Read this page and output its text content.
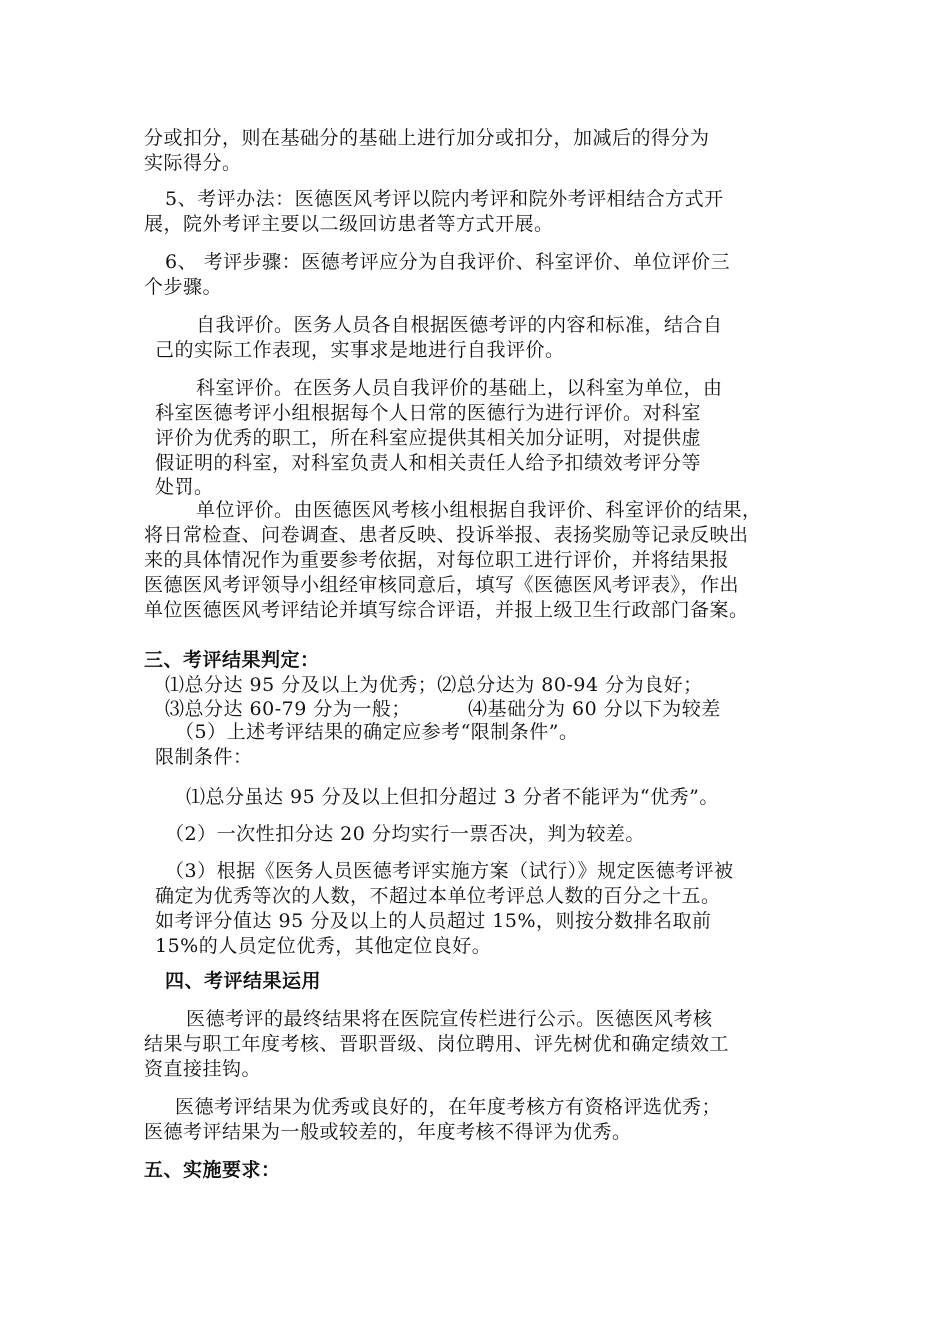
分或扣分，则在基础分的基础上进行加分或扣分，加减后的得分为
实际得分。
5、考评办法：医德医风考评以院内考评和院外考评相结合方式开
展，院外考评主要以二级回访患者等方式开展。
6、 考评步骤：医德考评应分为自我评价、科室评价、单位评价三
个步骤。
自我评价。医务人员各自根据医德考评的内容和标准，结合自
己的实际工作表现，实事求是地进行自我评价。
科室评价。在医务人员自我评价的基础上，以科室为单位，由
科室医德考评小组根据每个人日常的医德行为进行评价。对科室
评价为优秀的职工，所在科室应提供其相关加分证明，对提供虚
假证明的科室，对科室负责人和相关责任人给予扣绩效考评分等
处罚。
单位评价。由医德医风考核小组根据自我评价、科室评价的结果，
将日常检查、问卷调查、患者反映、投诉举报、表扬奖励等记录反映出
来的具体情况作为重要参考依据，对每位职工进行评价，并将结果报
医德医风考评领导小组经审核同意后，填写《医德医风考评表》，作出
单位医德医风考评结论并填写综合评语，并报上级卫生行政部门备案。
三、考评结果判定：
⑴总分达 95 分及以上为优秀；⑵总分达为 80-94 分为良好；
⑶总分达 60-79 分为一般；	⑷基础分为 60 分以下为较差
（5）上述考评结果的确定应参考“限制条件”。
限制条件：
⑴总分虽达 95 分及以上但扣分超过 3 分者不能评为“优秀”。
（2）一次性扣分达 20 分均实行一票否决，判为较差。
（3）根据《医务人员医德考评实施方案（试行）》规定医德考评被
确定为优秀等次的人数，不超过本单位考评总人数的百分之十五。
如考评分值达 95 分及以上的人员超过 15%，则按分数排名取前
15%的人员定位优秀，其他定位良好。
四、考评结果运用
医德考评的最终结果将在医院宣传栏进行公示。医德医风考核
结果与职工年度考核、晋职晋级、岗位聘用、评先树优和确定绩效工
资直接挂钩。
医德考评结果为优秀或良好的，在年度考核方有资格评选优秀；
医德考评结果为一般或较差的，年度考核不得评为优秀。
五、实施要求：
